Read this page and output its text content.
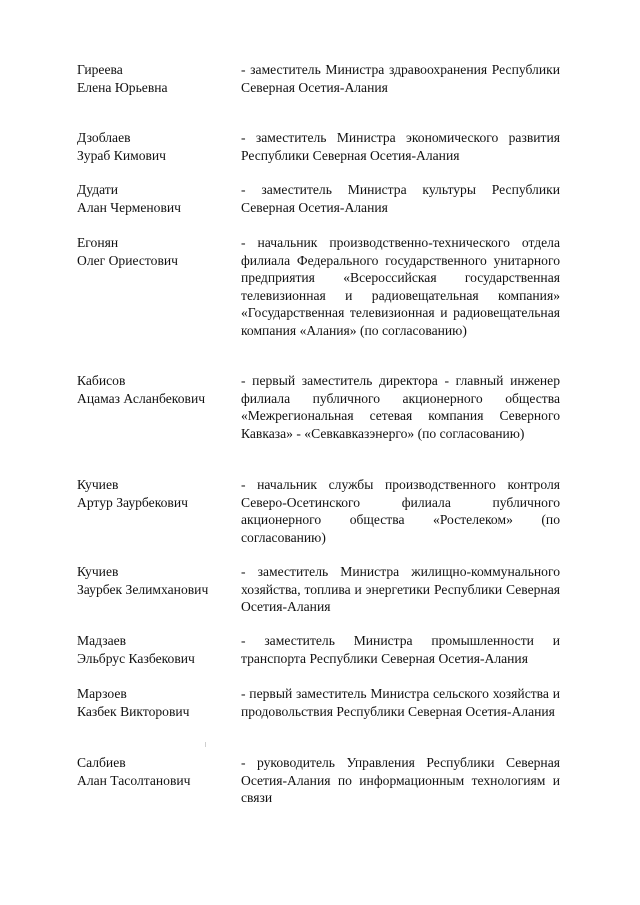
Гиреева
Елена Юрьевна
- заместитель Министра здравоохранения Республики Северная Осетия-Алания
Дзоблаев
Зураб Кимович
- заместитель Министра экономического развития Республики Северная Осетия-Алания
Дудати
Алан Черменович
- заместитель Министра культуры Республики Северная Осетия-Алания
Егонян
Олег Ориестович
- начальник производственно-технического отдела филиала Федерального государственного унитарного предприятия «Всероссийская государственная телевизионная и радиовещательная компания» «Государственная телевизионная и радиовещательная компания «Алания» (по согласованию)
Кабисов
Ацамаз Асланбекович
- первый заместитель директора - главный инженер филиала публичного акционерного общества «Межрегиональная сетевая компания Северного Кавказа» - «Севкавказэнерго» (по согласованию)
Кучиев
Артур Заурбекович
- начальник службы производственного контроля Северо-Осетинского филиала публичного акционерного общества «Ростелеком» (по согласованию)
Кучиев
Заурбек Зелимханович
- заместитель Министра жилищно-коммунального хозяйства, топлива и энергетики Республики Северная Осетия-Алания
Мадзаев
Эльбрус Казбекович
- заместитель Министра промышленности и транспорта Республики Северная Осетия-Алания
Марзоев
Казбек Викторович
- первый заместитель Министра сельского хозяйства и продовольствия Республики Северная Осетия-Алания
Салбиев
Алан Тасолтанович
- руководитель Управления Республики Северная Осетия-Алания по информационным технологиям и связи
